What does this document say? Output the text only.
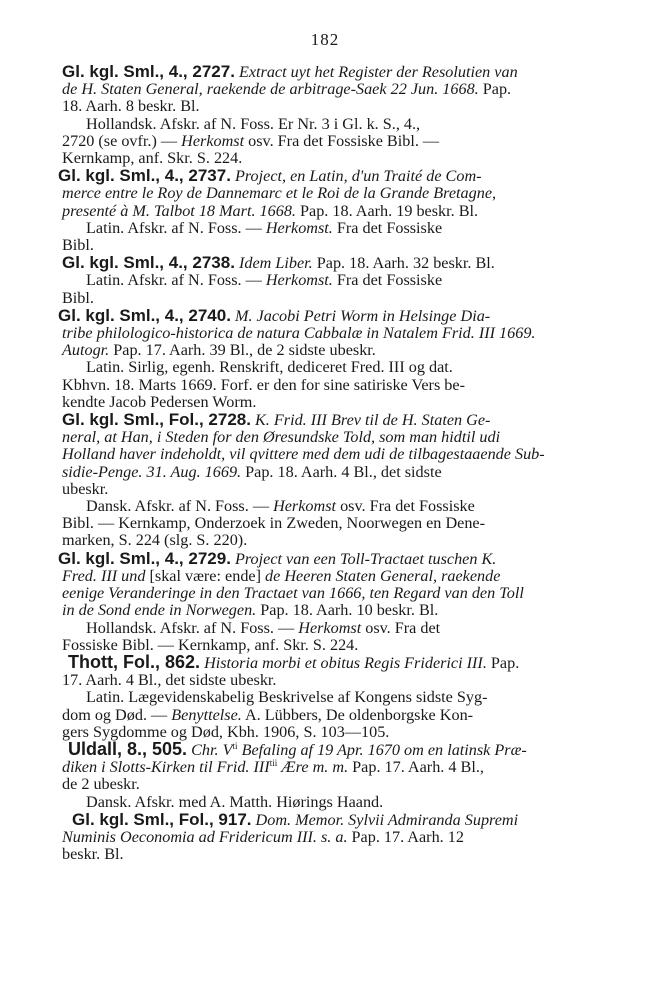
182
Gl. kgl. Sml., 4., 2727. Extract uyt het Register der Resolutien van
de H. Staten General, raekende de arbitrage-Saek 22 Jun. 1668. Pap.
18. Aarh. 8 beskr. Bl.
Hollandsk. Afskr. af N. Foss. Er Nr. 3 i Gl. k. S., 4.,
2720 (se ovfr.) — Herkomst osv. Fra det Fossiske Bibl. —
Kernkamp, anf. Skr. S. 224.
Gl. kgl. Sml., 4., 2737. Project, en Latin, d'un Traité de Com-
merce entre le Roy de Dannemarc et le Roi de la Grande Bretagne,
presenté à M. Talbot 18 Mart. 1668. Pap. 18. Aarh. 19 beskr. Bl.
Latin. Afskr. af N. Foss. — Herkomst. Fra det Fossiske
Bibl.
Gl. kgl. Sml., 4., 2738. Idem Liber. Pap. 18. Aarh. 32 beskr. Bl.
Latin. Afskr. af N. Foss. — Herkomst. Fra det Fossiske
Bibl.
Gl. kgl. Sml., 4., 2740. M. Jacobi Petri Worm in Helsinge Dia-
tribe philologico-historica de natura Cabbalæ in Natalem Frid. III 1669.
Autogr. Pap. 17. Aarh. 39 Bl., de 2 sidste ubeskr.
Latin. Sirlig, egenh. Renskrift, dediceret Fred. III og dat.
Kbhvn. 18. Marts 1669. Forf. er den for sine satiriske Vers be-
kendte Jacob Pedersen Worm.
Gl. kgl. Sml., Fol., 2728. K. Frid. III Brev til de H. Staten Ge-
neral, at Han, i Steden for den Øresundske Told, som man hidtil udi
Holland haver indeholdt, vil qvittere med dem udi de tilbagestaaende Sub-
sidie-Penge. 31. Aug. 1669. Pap. 18. Aarh. 4 Bl., det sidste
ubeskr.
Dansk. Afskr. af N. Foss. — Herkomst osv. Fra det Fossiske
Bibl. — Kernkamp, Onderzoek in Zweden, Noorwegen en Dene-
marken, S. 224 (slg. S. 220).
Gl. kgl. Sml., 4., 2729. Project van een Toll-Tractaet tuschen K.
Fred. III und [skal være: ende] de Heeren Staten General, raekende
eenige Veranderinge in den Tractaet van 1666, ten Regard van den Toll
in de Sond ende in Norwegen. Pap. 18. Aarh. 10 beskr. Bl.
Hollandsk. Afskr. af N. Foss. — Herkomst osv. Fra det
Fossiske Bibl. — Kernkamp, anf. Skr. S. 224.
Thott, Fol., 862. Historia morbi et obitus Regis Friderici III. Pap.
17. Aarh. 4 Bl., det sidste ubeskr.
Latin. Lægevidenskabelig Beskrivelse af Kongens sidste Syg-
dom og Død. — Benyttelse. A. Lübbers, De oldenborgske Kon-
gers Sygdomme og Død, Kbh. 1906, S. 103—105.
Uldall, 8., 505. Chr. $V^{ti}$ Befaling af 19 Apr. 1670 om en latinsk Præ-
diken i Slotts-Kirken til Frid. $III^{tii}$ Ære m. m. Pap. 17. Aarh. 4 Bl.,
de 2 ubeskr.
Dansk. Afskr. med A. Matth. Hiørings Haand.
Gl. kgl. Sml., Fol., 917. Dom. Memor. Sylvii Admiranda Supremi
Numinis Oeconomia ad Fridericum III. s. a. Pap. 17. Aarh. 12
beskr. Bl.
